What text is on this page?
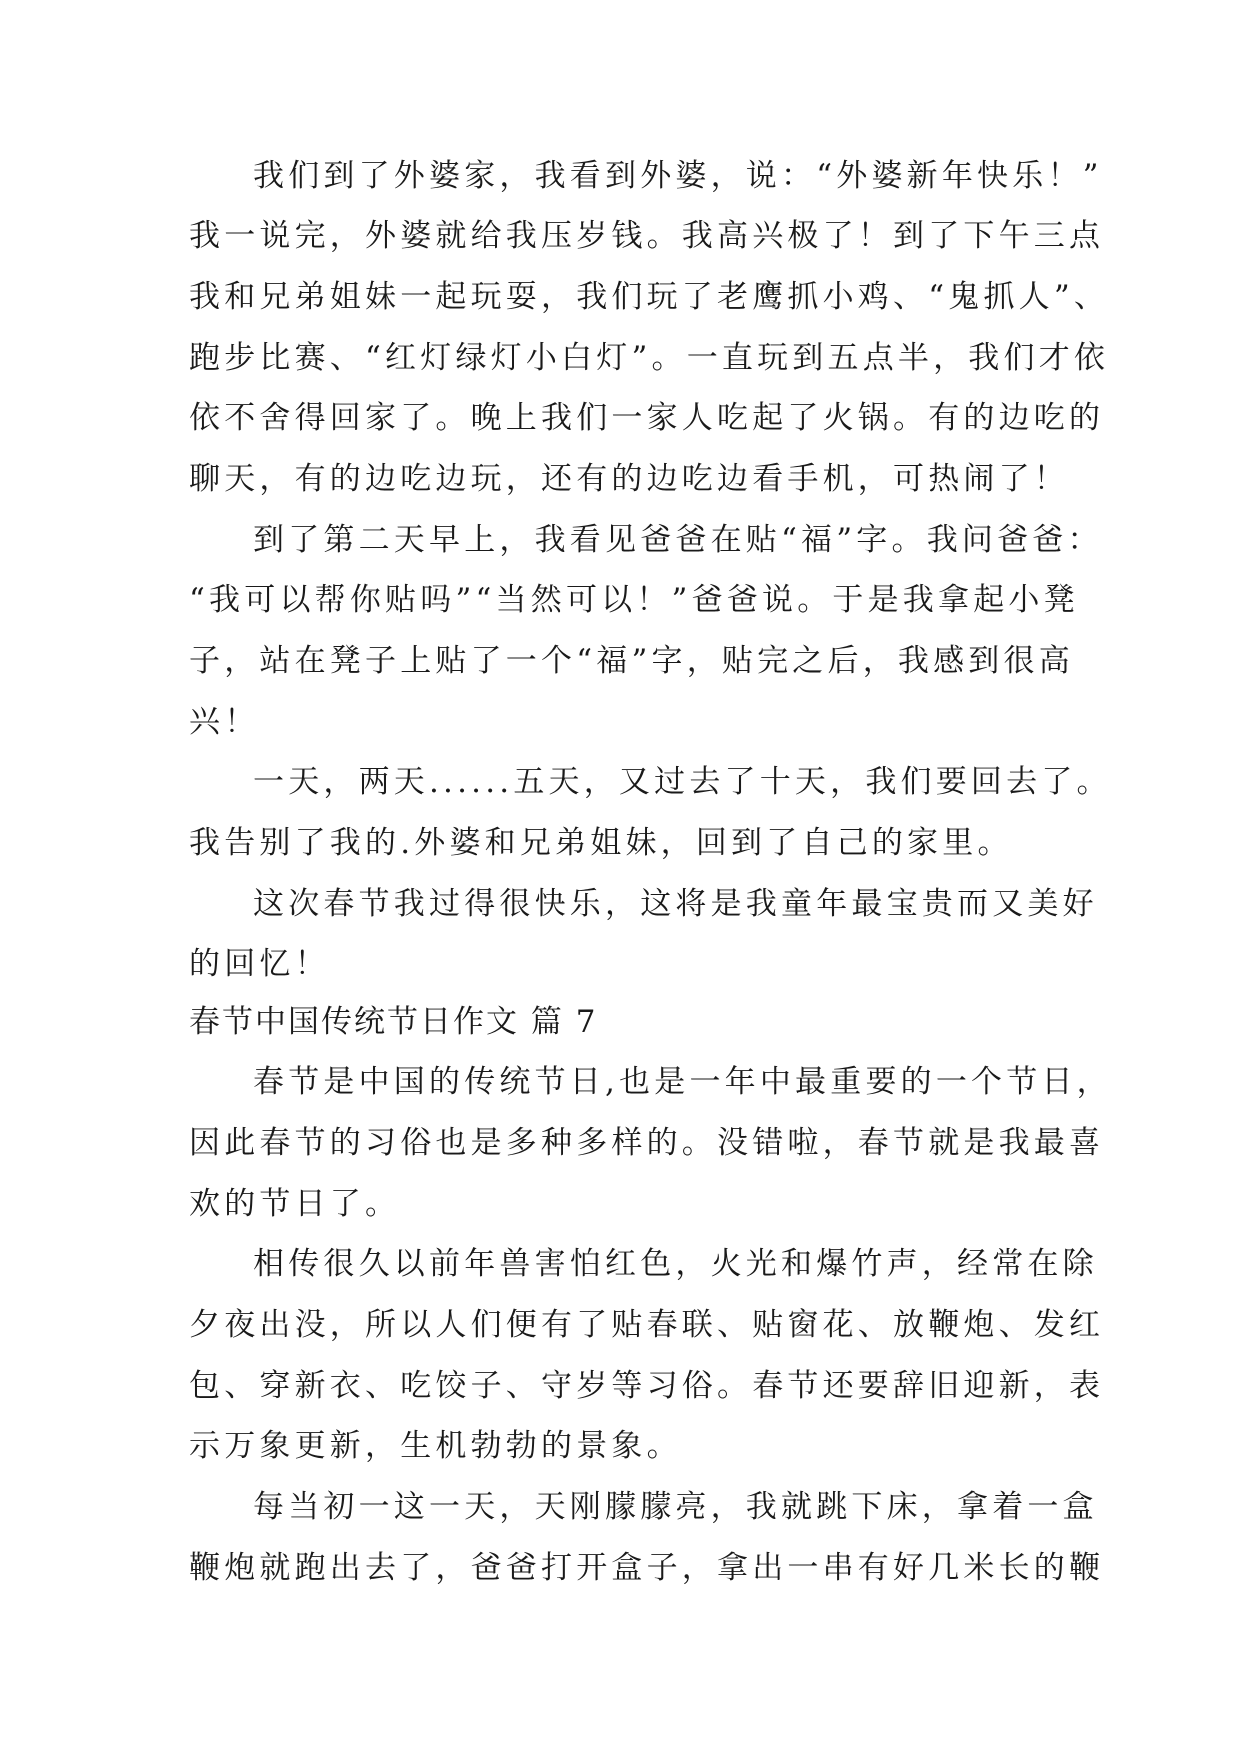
我们到了外婆家，我看到外婆，说：“外婆新年快乐！”
我一说完，外婆就给我压岁钱。我高兴极了！到了下午三点
我和兄弟姐妹一起玩耍，我们玩了老鹰抓小鸡、“鬼抓人”、
跑步比赛、“红灯绿灯小白灯”。一直玩到五点半，我们才依
依不舍得回家了。晚上我们一家人吃起了火锅。有的边吃的
聊天，有的边吃边玩，还有的边吃边看手机，可热闹了！
到了第二天早上，我看见爸爸在贴“福”字。我问爸爸：
“我可以帮你贴吗”“当然可以！”爸爸说。于是我拿起小凳
子，站在凳子上贴了一个“福”字，贴完之后，我感到很高
兴！
一天，两天......五天，又过去了十天，我们要回去了。
我告别了我的.外婆和兄弟姐妹，回到了自己的家里。
这次春节我过得很快乐，这将是我童年最宝贵而又美好
的回忆！
春节中国传统节日作文 篇 7
春节是中国的传统节日,也是一年中最重要的一个节日，
因此春节的习俗也是多种多样的。没错啦，春节就是我最喜
欢的节日了。
相传很久以前年兽害怕红色，火光和爆竹声，经常在除
夕夜出没，所以人们便有了贴春联、贴窗花、放鞭炮、发红
包、穿新衣、吃饺子、守岁等习俗。春节还要辞旧迎新，表
示万象更新，生机勃勃的景象。
每当初一这一天，天刚朦朦亮，我就跳下床，拿着一盒
鞭炮就跑出去了，爸爸打开盒子，拿出一串有好几米长的鞭
